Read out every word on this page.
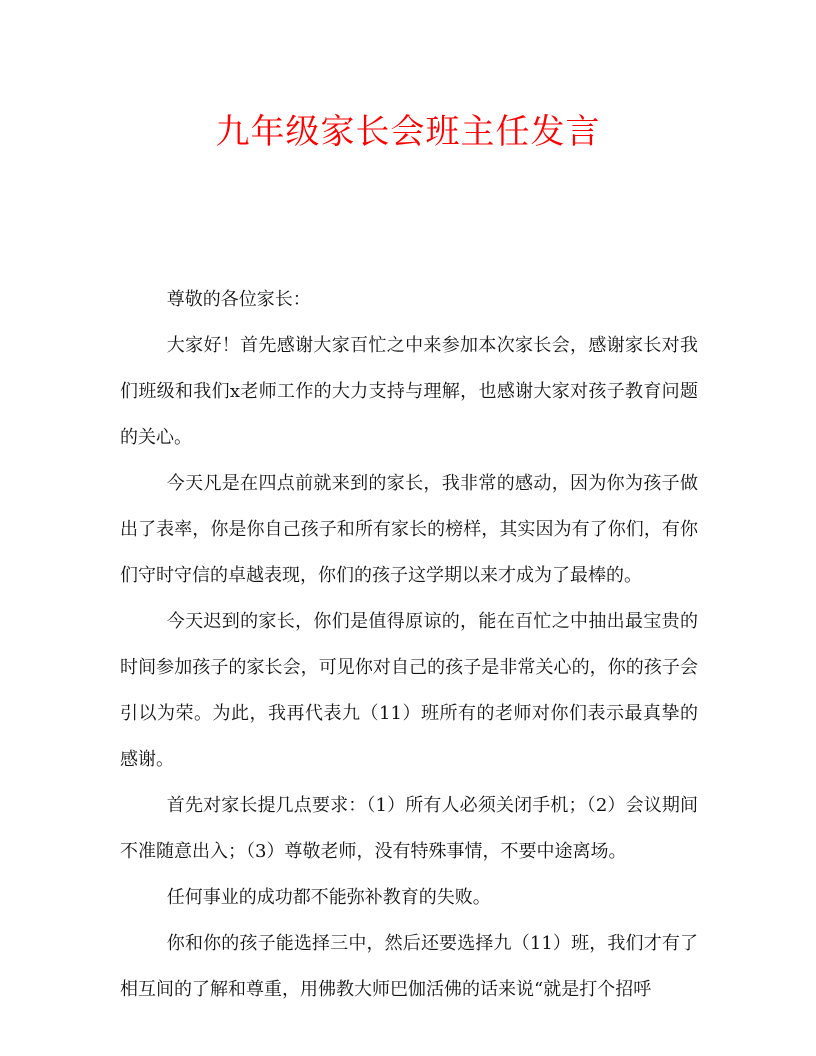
九年级家长会班主任发言

尊敬的各位家长：

大家好！首先感谢大家百忙之中来参加本次家长会，感谢家长对我们班级和我们x老师工作的大力支持与理解，也感谢大家对孩子教育问题的关心。

今天凡是在四点前就来到的家长，我非常的感动，因为你为孩子做出了表率，你是你自己孩子和所有家长的榜样，其实因为有了你们，有你们守时守信的卓越表现，你们的孩子这学期以来才成为了最棒的。

今天迟到的家长，你们是值得原谅的，能在百忙之中抽出最宝贵的时间参加孩子的家长会，可见你对自己的孩子是非常关心的，你的孩子会引以为荣。为此，我再代表九（11）班所有的老师对你们表示最真挚的感谢。

首先对家长提几点要求：（1）所有人必须关闭手机；（2）会议期间不准随意出入；（3）尊敬老师，没有特殊事情，不要中途离场。

任何事业的成功都不能弥补教育的失败。

你和你的孩子能选择三中，然后还要选择九（11）班，我们才有了相互间的了解和尊重，用佛教大师巴伽活佛的话来说“就是打个招呼
